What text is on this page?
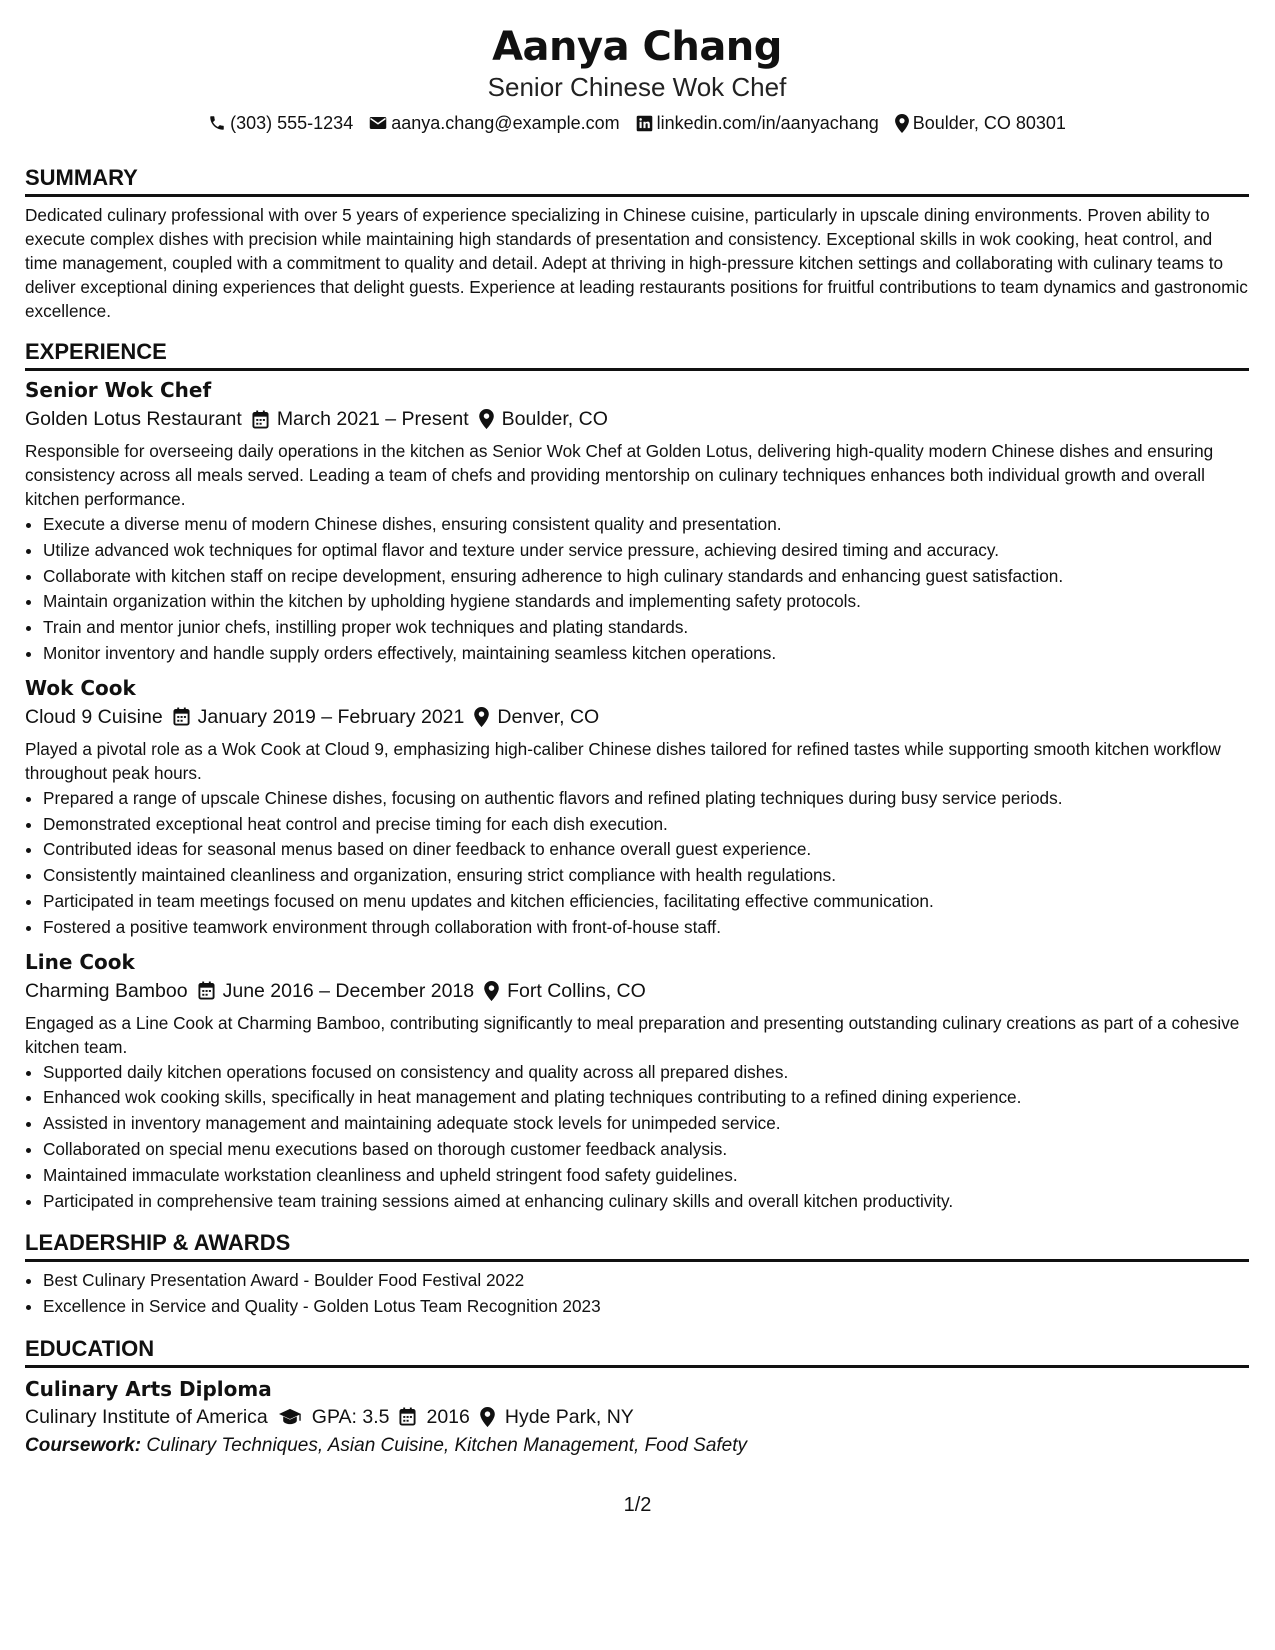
Aanya Chang
Senior Chinese Wok Chef
(303) 555-1234 aanya.chang@example.com linkedin.com/in/aanyachang Boulder, CO 80301
SUMMARY

Dedicated culinary professional with over 5 years of experience specializing in Chinese cuisine, particularly in upscale dining environments. Proven ability to execute complex dishes with precision while maintaining high standards of presentation and consistency. Exceptional skills in wok cooking, heat control, and time management, coupled with a commitment to quality and detail. Adept at thriving in high-pressure kitchen settings and collaborating with culinary teams to deliver exceptional dining experiences that delight guests. Experience at leading restaurants positions for fruitful contributions to team dynamics and gastronomic excellence.

EXPERIENCE
Senior Wok Chef
Golden Lotus Restaurant March 2021 – Present Boulder, CO

Responsible for overseeing daily operations in the kitchen as Senior Wok Chef at Golden Lotus, delivering high-quality modern Chinese dishes and ensuring consistency across all meals served. Leading a team of chefs and providing mentorship on culinary techniques enhances both individual growth and overall kitchen performance.

• Execute a diverse menu of modern Chinese dishes, ensuring consistent quality and presentation.
• Utilize advanced wok techniques for optimal flavor and texture under service pressure, achieving desired timing and accuracy.
• Collaborate with kitchen staff on recipe development, ensuring adherence to high culinary standards and enhancing guest satisfaction.
• Maintain organization within the kitchen by upholding hygiene standards and implementing safety protocols.
• Train and mentor junior chefs, instilling proper wok techniques and plating standards.
• Monitor inventory and handle supply orders effectively, maintaining seamless kitchen operations.
Wok Cook
Cloud 9 Cuisine January 2019 – February 2021 Denver, CO

Played a pivotal role as a Wok Cook at Cloud 9, emphasizing high-caliber Chinese dishes tailored for refined tastes while supporting smooth kitchen workflow throughout peak hours.

• Prepared a range of upscale Chinese dishes, focusing on authentic flavors and refined plating techniques during busy service periods.
• Demonstrated exceptional heat control and precise timing for each dish execution.
• Contributed ideas for seasonal menus based on diner feedback to enhance overall guest experience.
• Consistently maintained cleanliness and organization, ensuring strict compliance with health regulations.
• Participated in team meetings focused on menu updates and kitchen efficiencies, facilitating effective communication.
• Fostered a positive teamwork environment through collaboration with front-of-house staff.
Line Cook
Charming Bamboo June 2016 – December 2018 Fort Collins, CO

Engaged as a Line Cook at Charming Bamboo, contributing significantly to meal preparation and presenting outstanding culinary creations as part of a cohesive kitchen team.

• Supported daily kitchen operations focused on consistency and quality across all prepared dishes.
• Enhanced wok cooking skills, specifically in heat management and plating techniques contributing to a refined dining experience.
• Assisted in inventory management and maintaining adequate stock levels for unimpeded service.
• Collaborated on special menu executions based on thorough customer feedback analysis.
• Maintained immaculate workstation cleanliness and upheld stringent food safety guidelines.
• Participated in comprehensive team training sessions aimed at enhancing culinary skills and overall kitchen productivity.
LEADERSHIP & AWARDS
• Best Culinary Presentation Award - Boulder Food Festival 2022
• Excellence in Service and Quality - Golden Lotus Team Recognition 2023
EDUCATION
Culinary Arts Diploma
Culinary Institute of America GPA: 3.5 2016 Hyde Park, NY
Coursework: Culinary Techniques, Asian Cuisine, Kitchen Management, Food Safety
1/2
